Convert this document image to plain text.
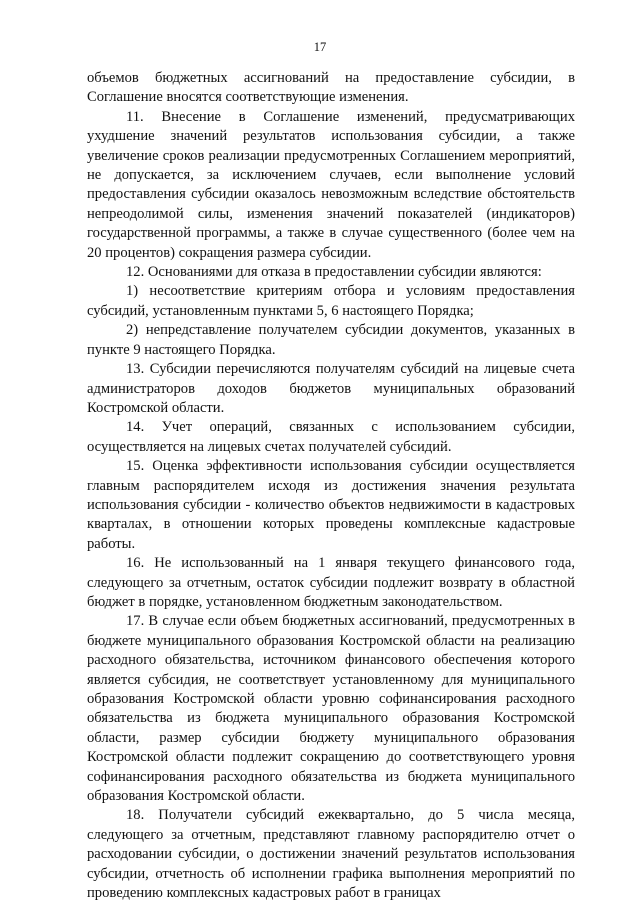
17

объемов бюджетных ассигнований на предоставление субсидии, в Соглашение вносятся соответствующие изменения.

11. Внесение в Соглашение изменений, предусматривающих ухудшение значений результатов использования субсидии, а также увеличение сроков реализации предусмотренных Соглашением мероприятий, не допускается, за исключением случаев, если выполнение условий предоставления субсидии оказалось невозможным вследствие обстоятельств непреодолимой силы, изменения значений показателей (индикаторов) государственной программы, а также в случае существенного (более чем на 20 процентов) сокращения размера субсидии.

12. Основаниями для отказа в предоставлении субсидии являются:

1) несоответствие критериям отбора и условиям предоставления субсидий, установленным пунктами 5, 6 настоящего Порядка;

2) непредставление получателем субсидии документов, указанных в пункте 9 настоящего Порядка.

13. Субсидии перечисляются получателям субсидий на лицевые счета администраторов доходов бюджетов муниципальных образований Костромской области.

14. Учет операций, связанных с использованием субсидии, осуществляется на лицевых счетах получателей субсидий.

15. Оценка эффективности использования субсидии осуществляется главным распорядителем исходя из достижения значения результата использования субсидии - количество объектов недвижимости в кадастровых кварталах, в отношении которых проведены комплексные кадастровые работы.

16. Не использованный на 1 января текущего финансового года, следующего за отчетным, остаток субсидии подлежит возврату в областной бюджет в порядке, установленном бюджетным законодательством.

17. В случае если объем бюджетных ассигнований, предусмотренных в бюджете муниципального образования Костромской области на реализацию расходного обязательства, источником финансового обеспечения которого является субсидия, не соответствует установленному для муниципального образования Костромской области уровню софинансирования расходного обязательства из бюджета муниципального образования Костромской области, размер субсидии бюджету муниципального образования Костромской области подлежит сокращению до соответствующего уровня софинансирования расходного обязательства из бюджета муниципального образования Костромской области.

18. Получатели субсидий ежеквартально, до 5 числа месяца, следующего за отчетным, представляют главному распорядителю отчет о расходовании субсидии, о достижении значений результатов использования субсидии, отчетность об исполнении графика выполнения мероприятий по проведению комплексных кадастровых работ в границах
